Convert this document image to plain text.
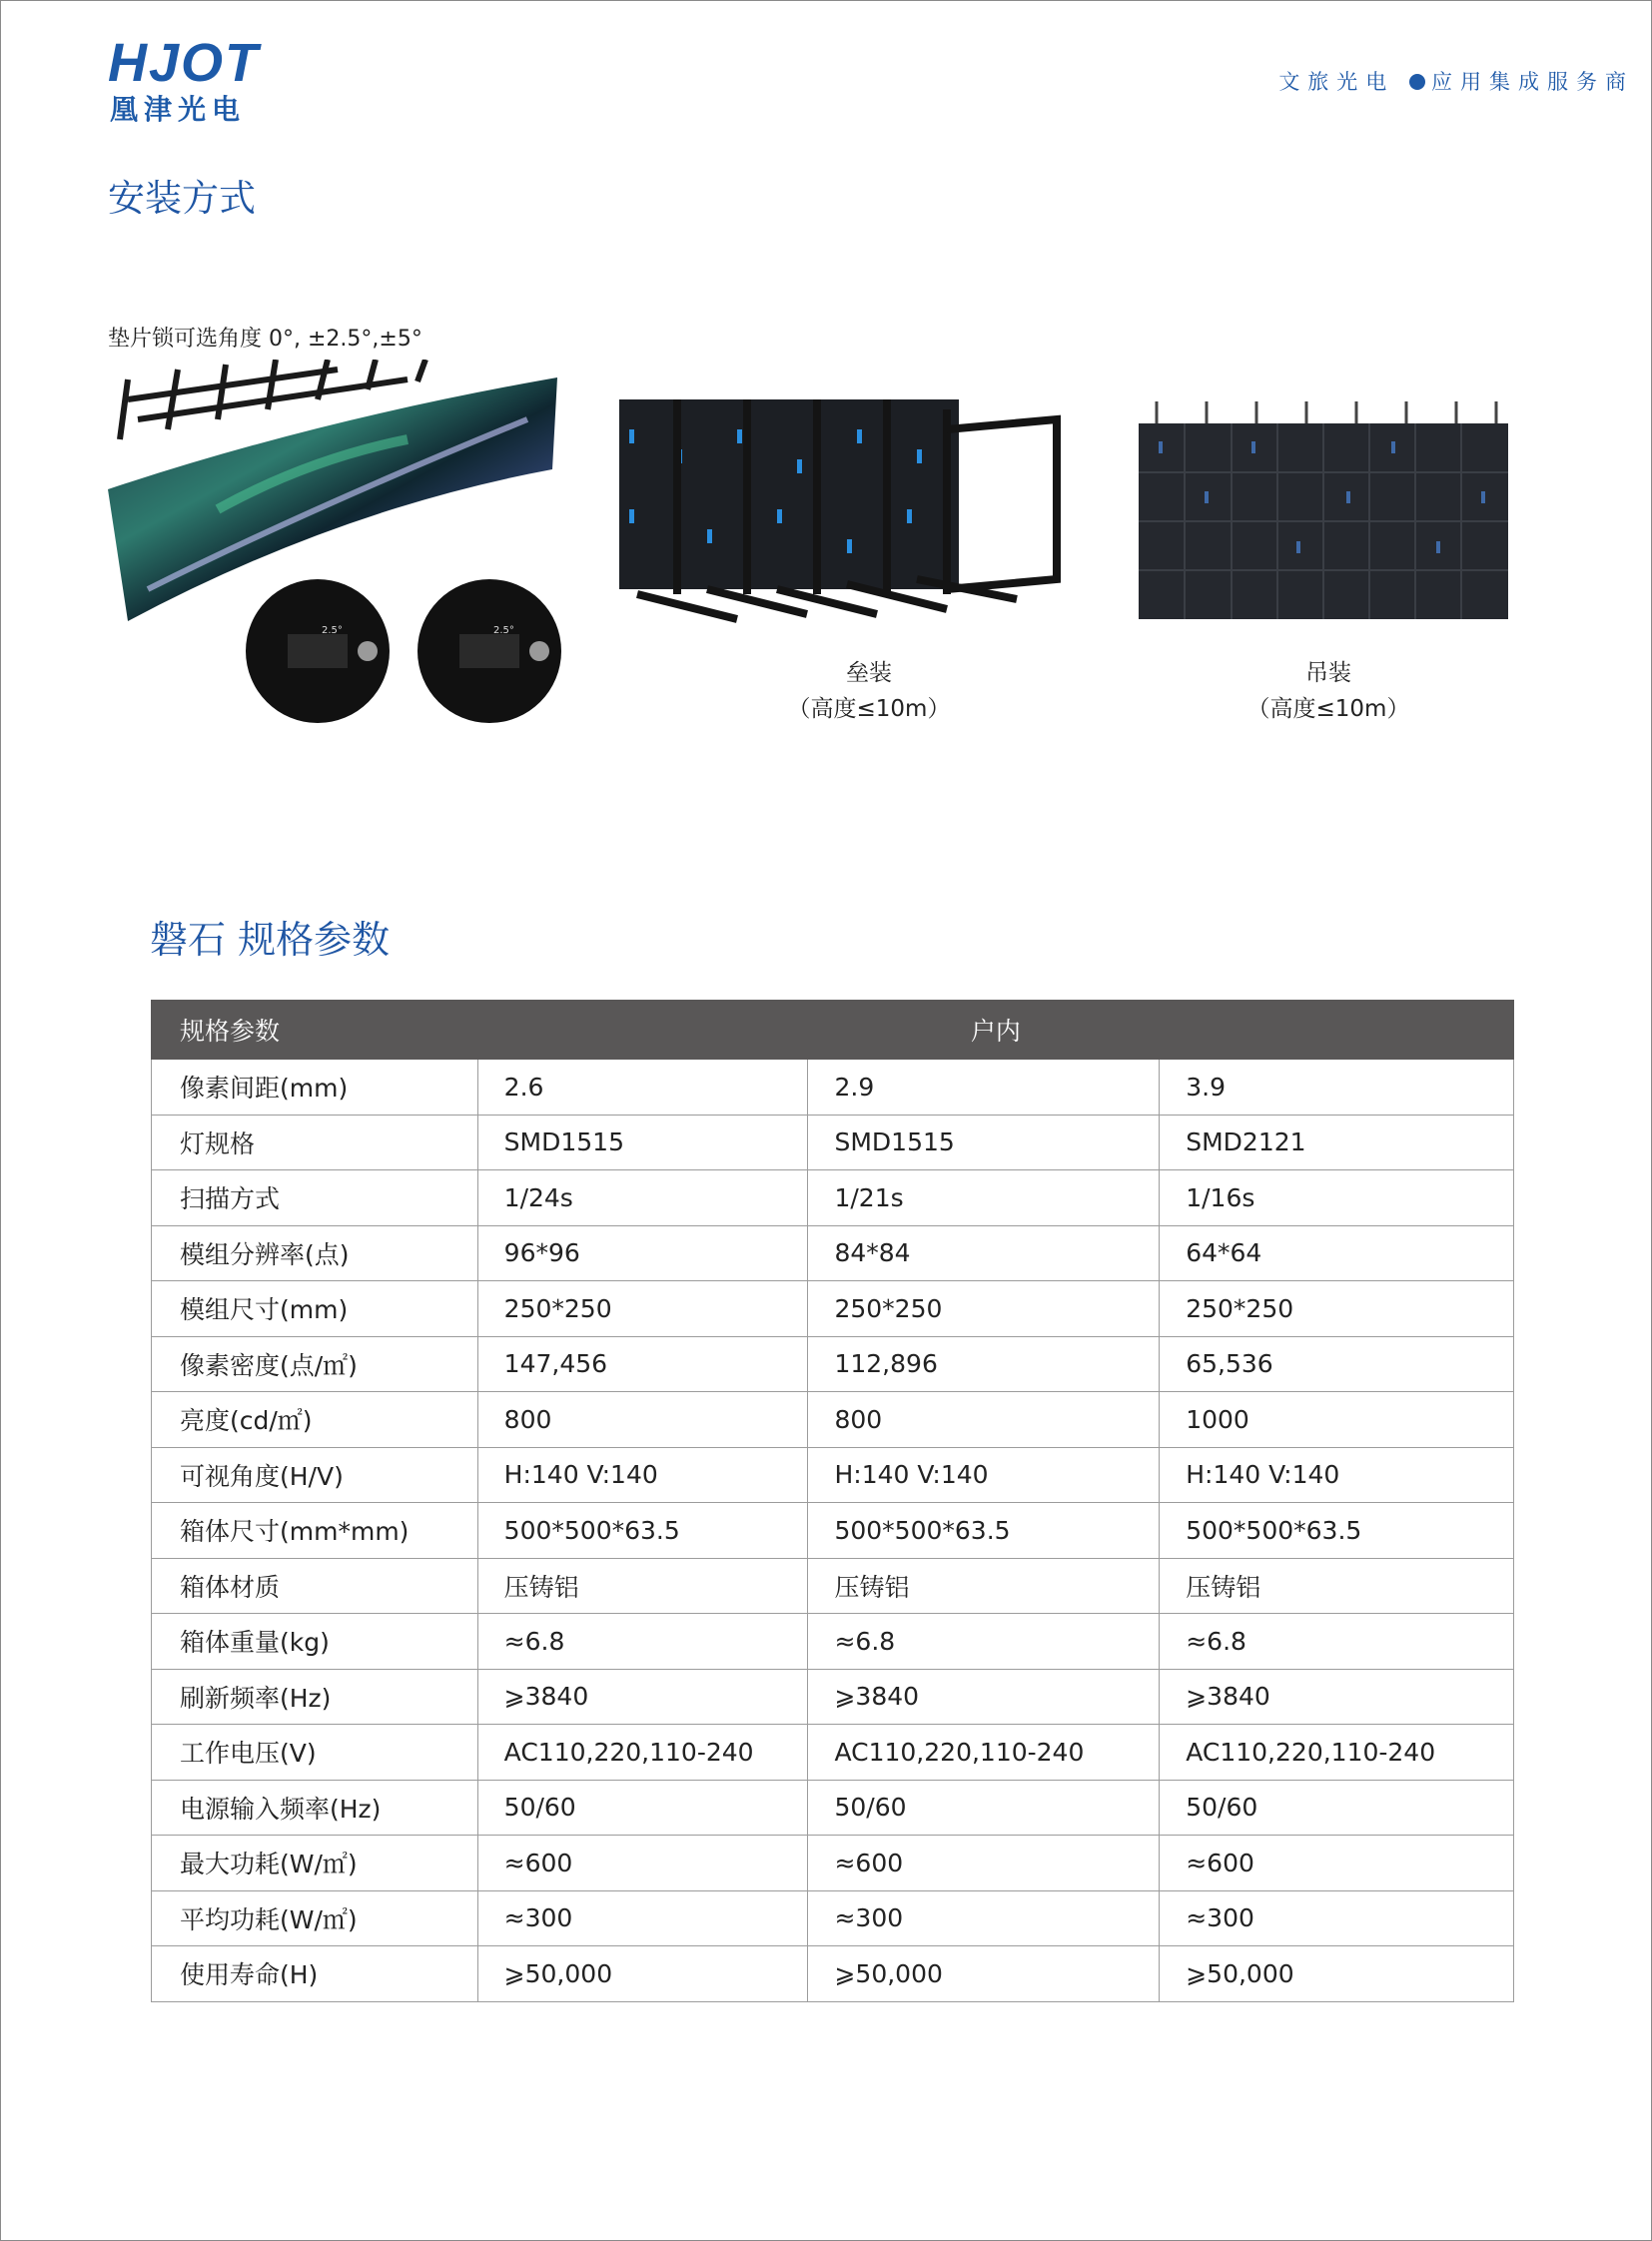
HJOT
凰津光电
文旅光电 应用集成服务商
安装方式
垫片锁可选角度 0°, ±2.5°,±5°
2.5°	2.5°
垒装
（高度≤10m）
吊装
（高度≤10m）
磐石 规格参数
规格参数	户内		
像素间距(mm)	2.6	2.9	3.9
灯规格	SMD1515	SMD1515	SMD2121
扫描方式	1/24s	1/21s	1/16s
模组分辨率(点)	96*96	84*84	64*64
模组尺寸(mm)	250*250	250*250	250*250
像素密度(点/㎡)	147,456	112,896	65,536
亮度(cd/㎡)	800	800	1000
可视角度(H/V)	H:140 V:140	H:140 V:140	H:140 V:140
箱体尺寸(mm*mm)	500*500*63.5	500*500*63.5	500*500*63.5
箱体材质	压铸铝	压铸铝	压铸铝
箱体重量(kg)	≈6.8	≈6.8	≈6.8
刷新频率(Hz)	⩾3840	⩾3840	⩾3840
工作电压(V)	AC110,220,110-240	AC110,220,110-240	AC110,220,110-240
电源输入频率(Hz)	50/60	50/60	50/60
最大功耗(W/㎡)	≈600	≈600	≈600
平均功耗(W/㎡)	≈300	≈300	≈300
使用寿命(H)	⩾50,000	⩾50,000	⩾50,000
